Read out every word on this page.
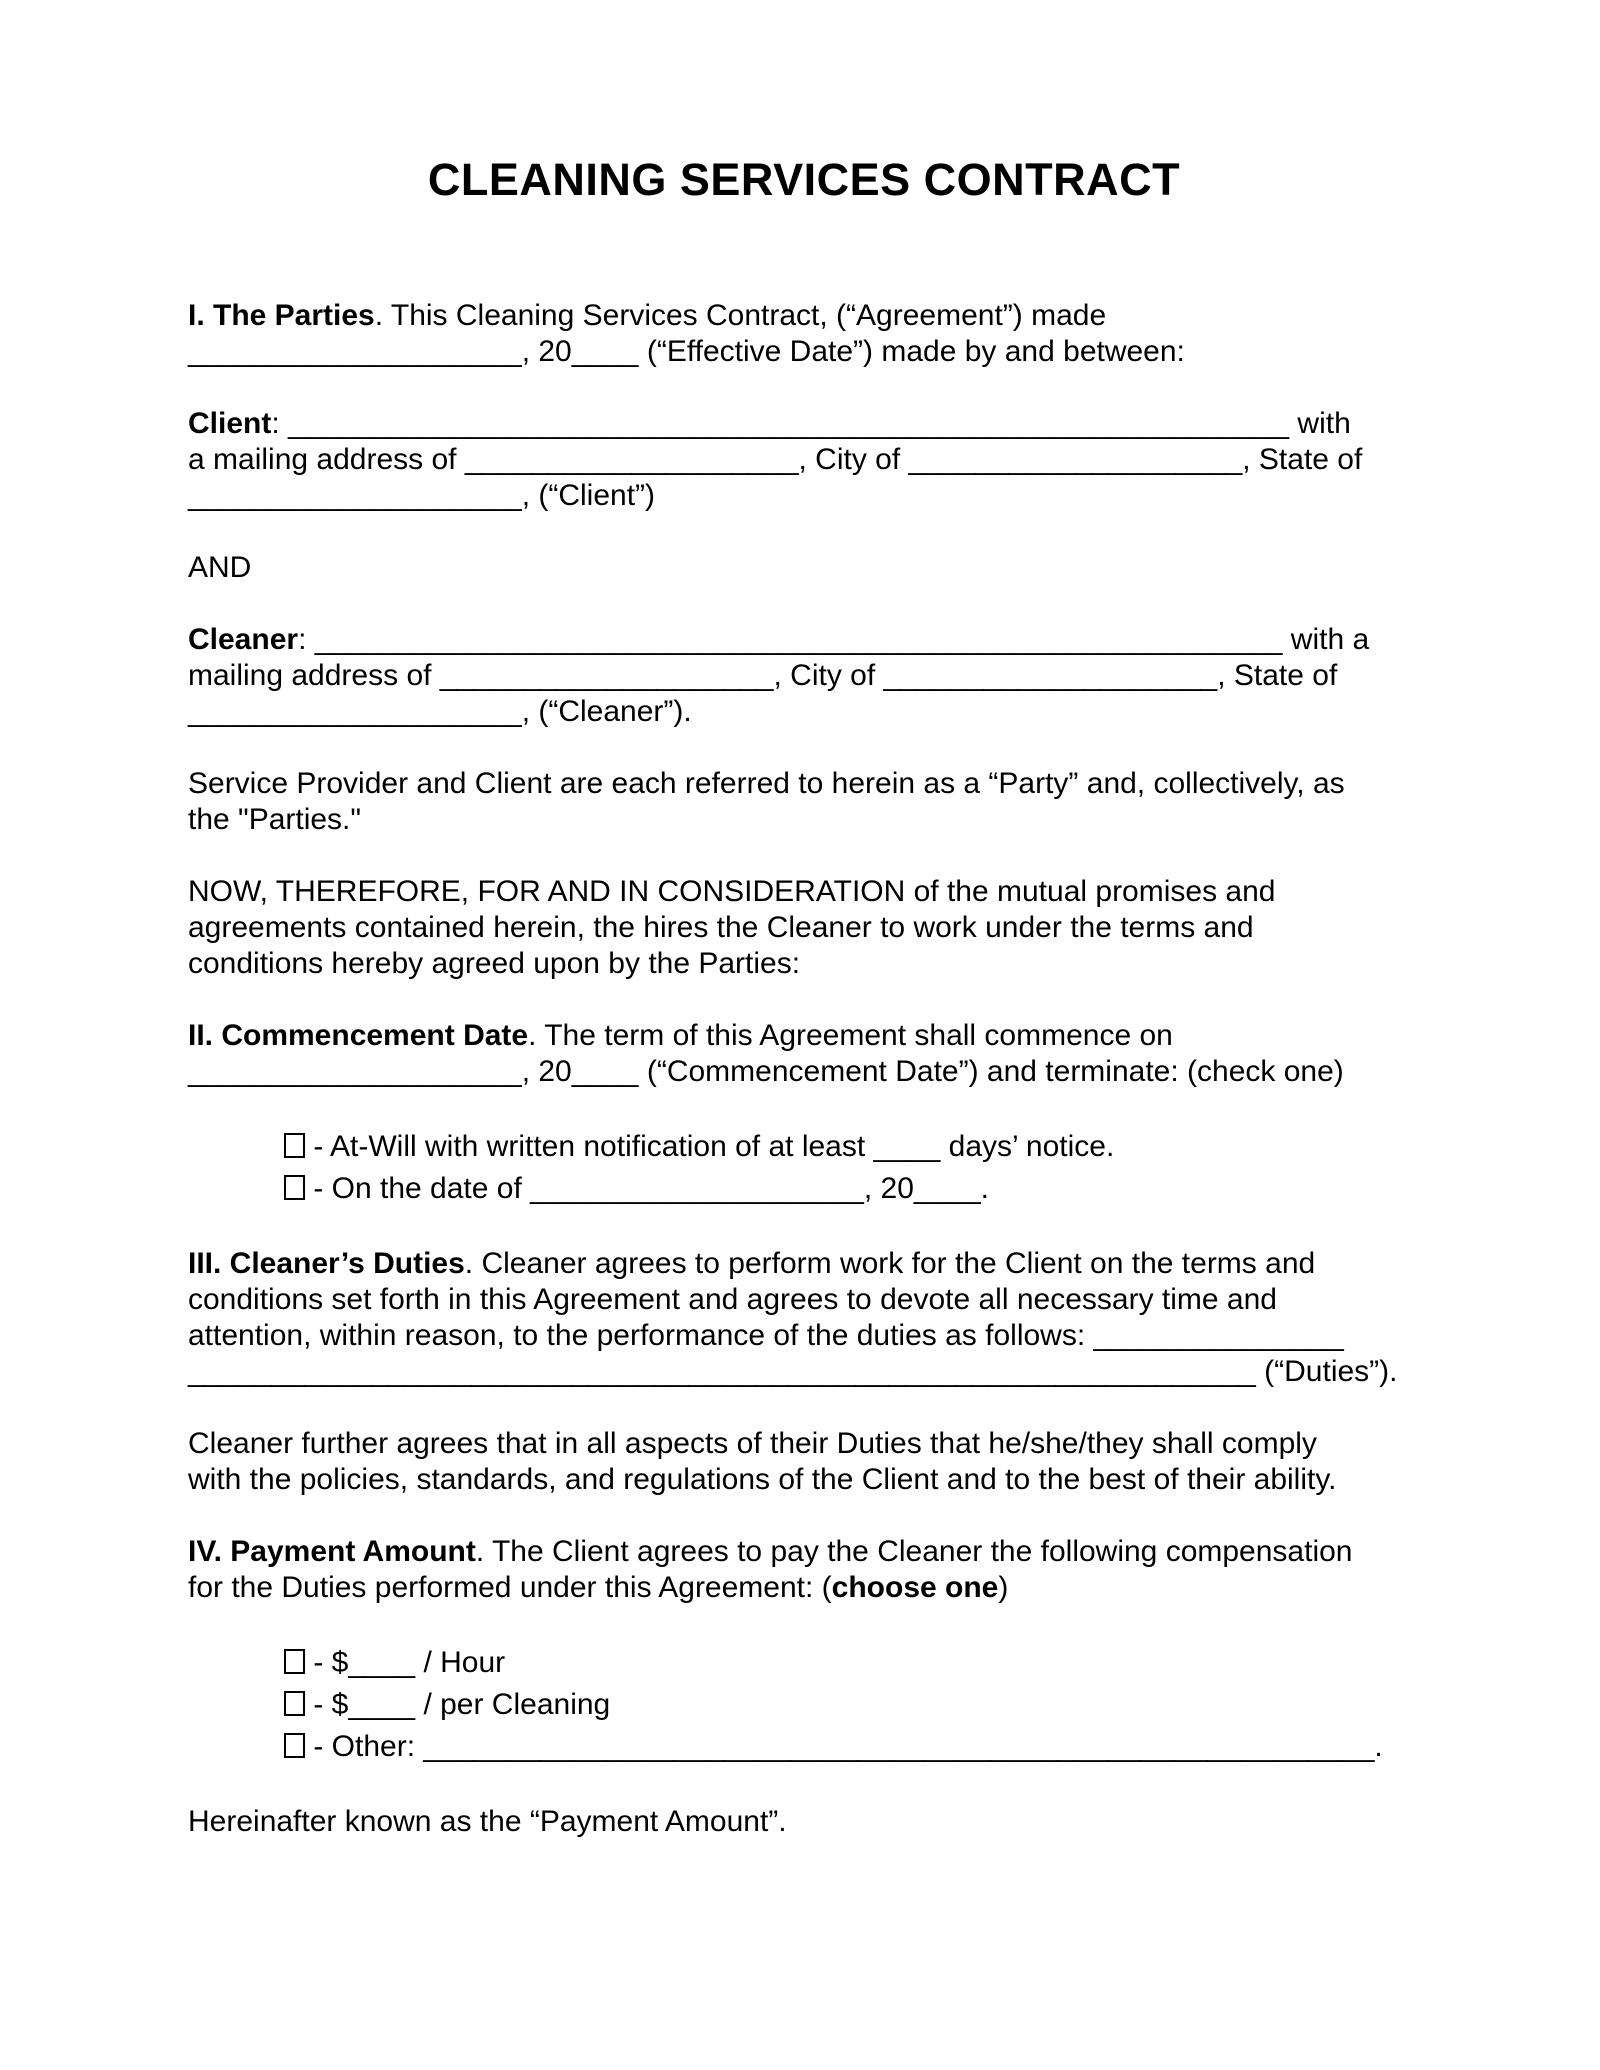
CLEANING SERVICES CONTRACT
I. The Parties. This Cleaning Services Contract, (“Agreement”) made
____________________, 20____ (“Effective Date”) made by and between:
Client: ____________________________________________________________ with
a mailing address of ____________________, City of ____________________, State of
____________________, (“Client”)
AND
Cleaner: __________________________________________________________ with a
mailing address of ____________________, City of ____________________, State of
____________________, (“Cleaner”).
Service Provider and Client are each referred to herein as a “Party” and, collectively, as
the "Parties."
NOW, THEREFORE, FOR AND IN CONSIDERATION of the mutual promises and
agreements contained herein, the hires the Cleaner to work under the terms and
conditions hereby agreed upon by the Parties:
II. Commencement Date. The term of this Agreement shall commence on
____________________, 20____ (“Commencement Date”) and terminate: (check one)
- At-Will with written notification of at least ____ days’ notice.
- On the date of ____________________, 20____.
III. Cleaner’s Duties. Cleaner agrees to perform work for the Client on the terms and
conditions set forth in this Agreement and agrees to devote all necessary time and
attention, within reason, to the performance of the duties as follows: _______________
________________________________________________________________ (“Duties”).
Cleaner further agrees that in all aspects of their Duties that he/she/they shall comply
with the policies, standards, and regulations of the Client and to the best of their ability.
IV. Payment Amount. The Client agrees to pay the Cleaner the following compensation
for the Duties performed under this Agreement: (choose one)
- $____ / Hour
- $____ / per Cleaning
- Other: _________________________________________________________.
Hereinafter known as the “Payment Amount”.
